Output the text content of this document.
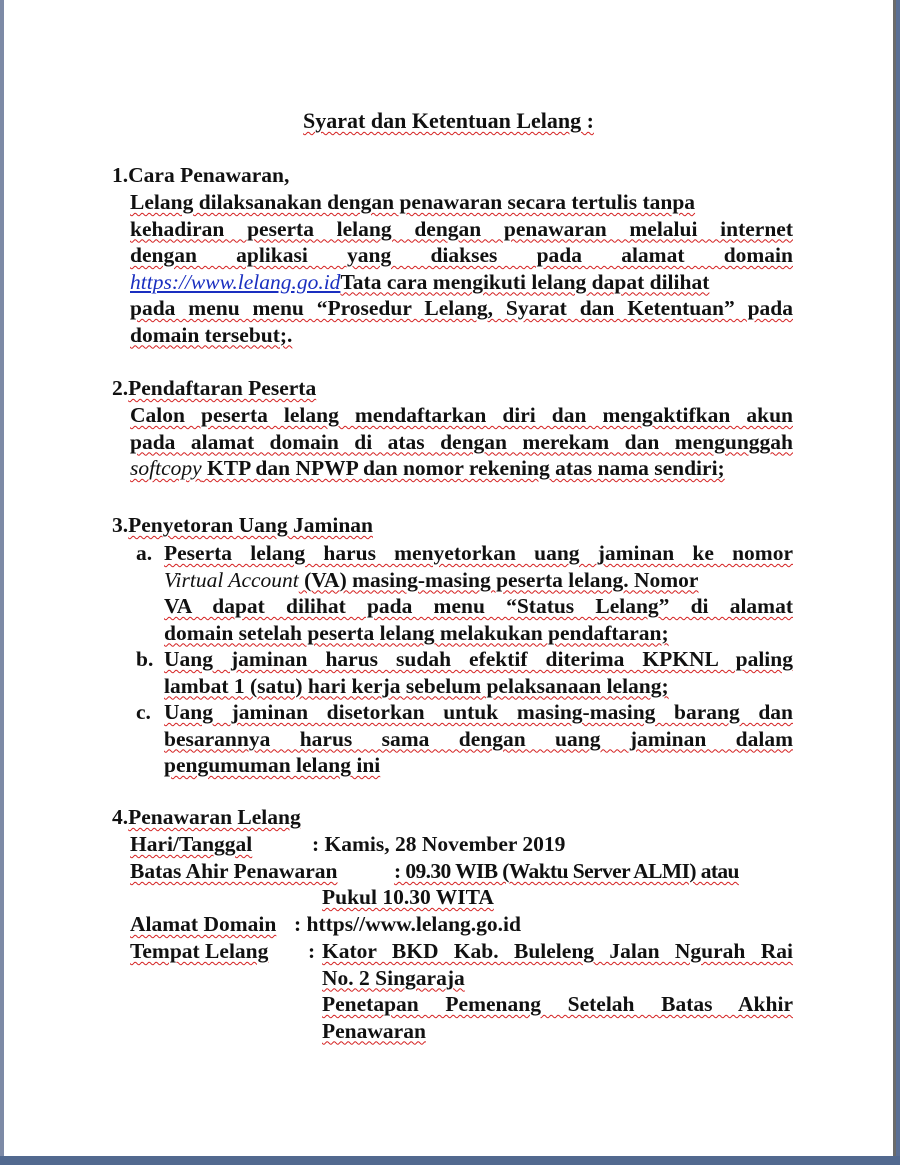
Syarat dan Ketentuan Lelang :
1.Cara Penawaran,
Lelang dilaksanakan dengan penawaran secara tertulis tanpa
kehadiran peserta lelang dengan penawaran melalui internet
dengan aplikasi yang diakses pada alamat domain
https://www.lelang.go.idTata cara mengikuti lelang dapat dilihat
pada menu menu “Prosedur Lelang, Syarat dan Ketentuan” pada
domain tersebut;.
2.Pendaftaran Peserta
Calon peserta lelang mendaftarkan diri dan mengaktifkan akun
pada alamat domain di atas dengan merekam dan mengunggah
softcopy KTP dan NPWP dan nomor rekening atas nama sendiri;
3.Penyetoran Uang Jaminan
a. Peserta lelang harus menyetorkan uang jaminan ke nomor
Virtual Account (VA) masing-masing peserta lelang. Nomor
VA dapat dilihat pada menu “Status Lelang” di alamat
domain setelah peserta lelang melakukan pendaftaran;
b. Uang jaminan harus sudah efektif diterima KPKNL paling
lambat 1 (satu) hari kerja sebelum pelaksanaan lelang;
c. Uang jaminan disetorkan untuk masing-masing barang dan
besarannya harus sama dengan uang jaminan dalam
pengumuman lelang ini
4.Penawaran Lelang
Hari/Tanggal	: Kamis, 28 November 2019
Batas Ahir Penawaran	: 09.30 WIB (Waktu Server ALMI) atau
Pukul 10.30 WITA
Alamat Domain : https//www.lelang.go.id
Tempat Lelang : Kator BKD Kab. Buleleng Jalan Ngurah Rai
No. 2 Singaraja
Penetapan Pemenang Setelah Batas Akhir
Penawaran
